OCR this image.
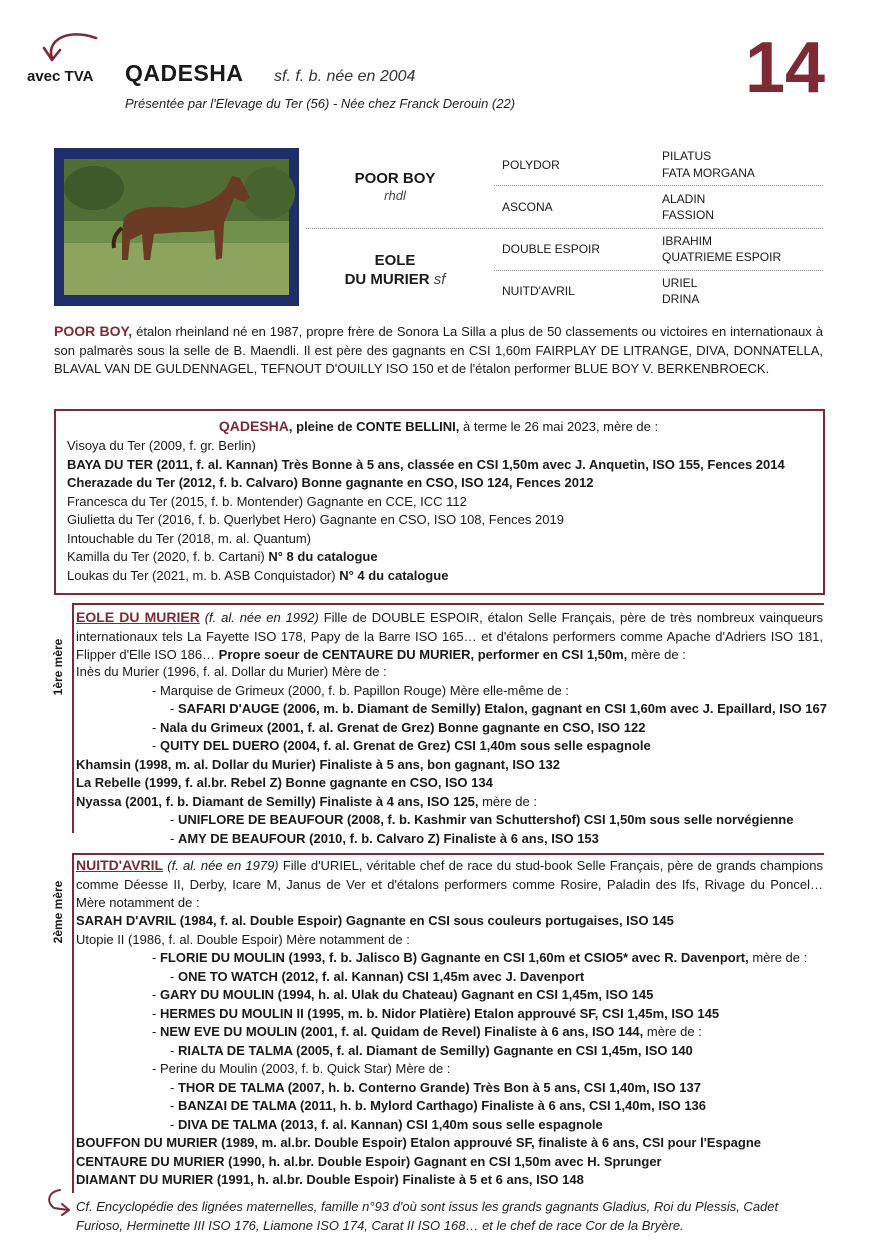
avec TVA QADESHA sf. f. b. née en 2004
Présentée par l'Elevage du Ter (56) - Née chez Franck Derouin (22)	14
POOR BOY
rhdl
EOLE
DU MURIER sf
POLYDOR
ASCONA
DOUBLE ESPOIR
NUITD'AVRIL
PILATUS
FATA MORGANA
ALADIN
FASSION
IBRAHIM
QUATRIEME ESPOIR
URIEL
DRINA
POOR BOY, étalon rheinland né en 1987, propre frère de Sonora La Silla a plus de 50 classements ou victoires en internationaux à son palmarès sous la selle de B. Maendli. Il est père des gagnants en CSI 1,60m FAIRPLAY DE LITRANGE, DIVA, DONNATELLA, BLAVAL VAN DE GULDENNAGEL, TEFNOUT D'OUILLY ISO 150 et de l'étalon performer BLUE BOY V. BERKENBROECK.
QADESHA, pleine de CONTE BELLINI, à terme le 26 mai 2023, mère de :

Visoya du Ter (2009, f. gr. Berlin)

BAYA DU TER (2011, f. al. Kannan) Très Bonne à 5 ans, classée en CSI 1,50m avec J. Anquetin, ISO 155, Fences 2014

Cherazade du Ter (2012, f. b. Calvaro) Bonne gagnante en CSO, ISO 124, Fences 2012

Francesca du Ter (2015, f. b. Montender) Gagnante en CCE, ICC 112

Giulietta du Ter (2016, f. b. Querlybet Hero) Gagnante en CSO, ISO 108, Fences 2019

Intouchable du Ter (2018, m. al. Quantum)

Kamilla du Ter (2020, f. b. Cartani) N° 8 du catalogue

Loukas du Ter (2021, m. b. ASB Conquistador) N° 4 du catalogue

1ère mère
EOLE DU MURIER (f. al. née en 1992) Fille de DOUBLE ESPOIR, étalon Selle Français, père de très nombreux vainqueurs internationaux tels La Fayette ISO 178, Papy de la Barre ISO 165… et d'étalons performers comme Apache d'Adriers ISO 181, Flipper d'Elle ISO 186… Propre soeur de CENTAURE DU MURIER, performer en CSI 1,50m, mère de :

Inès du Murier (1996, f. al. Dollar du Murier) Mère de :

- Marquise de Grimeux (2000, f. b. Papillon Rouge) Mère elle-même de :

- SAFARI D'AUGE (2006, m. b. Diamant de Semilly) Etalon, gagnant en CSI 1,60m avec J. Epaillard, ISO 167

- Nala du Grimeux (2001, f. al. Grenat de Grez) Bonne gagnante en CSO, ISO 122

- QUITY DEL DUERO (2004, f. al. Grenat de Grez) CSI 1,40m sous selle espagnole

Khamsin (1998, m. al. Dollar du Murier) Finaliste à 5 ans, bon gagnant, ISO 132

La Rebelle (1999, f. al.br. Rebel Z) Bonne gagnante en CSO, ISO 134

Nyassa (2001, f. b. Diamant de Semilly) Finaliste à 4 ans, ISO 125, mère de :

- UNIFLORE DE BEAUFOUR (2008, f. b. Kashmir van Schuttershof) CSI 1,50m sous selle norvégienne

- AMY DE BEAUFOUR (2010, f. b. Calvaro Z) Finaliste à 6 ans, ISO 153

2ème mère
NUITD'AVRIL (f. al. née en 1979) Fille d'URIEL, véritable chef de race du stud-book Selle Français, père de grands champions comme Déesse II, Derby, Icare M, Janus de Ver et d'étalons performers comme Rosire, Paladin des Ifs, Rivage du Poncel… Mère notamment de :

SARAH D'AVRIL (1984, f. al. Double Espoir) Gagnante en CSI sous couleurs portugaises, ISO 145

Utopie II (1986, f. al. Double Espoir) Mère notamment de :

- FLORIE DU MOULIN (1993, f. b. Jalisco B) Gagnante en CSI 1,60m et CSIO5* avec R. Davenport, mère de :

- ONE TO WATCH (2012, f. al. Kannan) CSI 1,45m avec J. Davenport

- GARY DU MOULIN (1994, h. al. Ulak du Chateau) Gagnant en CSI 1,45m, ISO 145

- HERMES DU MOULIN II (1995, m. b. Nidor Platière) Etalon approuvé SF, CSI 1,45m, ISO 145

- NEW EVE DU MOULIN (2001, f. al. Quidam de Revel) Finaliste à 6 ans, ISO 144, mère de :

- RIALTA DE TALMA (2005, f. al. Diamant de Semilly) Gagnante en CSI 1,45m, ISO 140

- Perine du Moulin (2003, f. b. Quick Star) Mère de :

- THOR DE TALMA (2007, h. b. Conterno Grande) Très Bon à 5 ans, CSI 1,40m, ISO 137

- BANZAI DE TALMA (2011, h. b. Mylord Carthago) Finaliste à 6 ans, CSI 1,40m, ISO 136

- DIVA DE TALMA (2013, f. al. Kannan) CSI 1,40m sous selle espagnole

BOUFFON DU MURIER (1989, m. al.br. Double Espoir) Etalon approuvé SF, finaliste à 6 ans, CSI pour l'Espagne

CENTAURE DU MURIER (1990, h. al.br. Double Espoir) Gagnant en CSI 1,50m avec H. Sprunger

DIAMANT DU MURIER (1991, h. al.br. Double Espoir) Finaliste à 5 et 6 ans, ISO 148

Cf. Encyclopédie des lignées maternelles, famille n°93 d'où sont issus les grands gagnants Gladius, Roi du Plessis, Cadet Furioso, Herminette III ISO 176, Liamone ISO 174, Carat II ISO 168… et le chef de race Cor de la Bryère.
